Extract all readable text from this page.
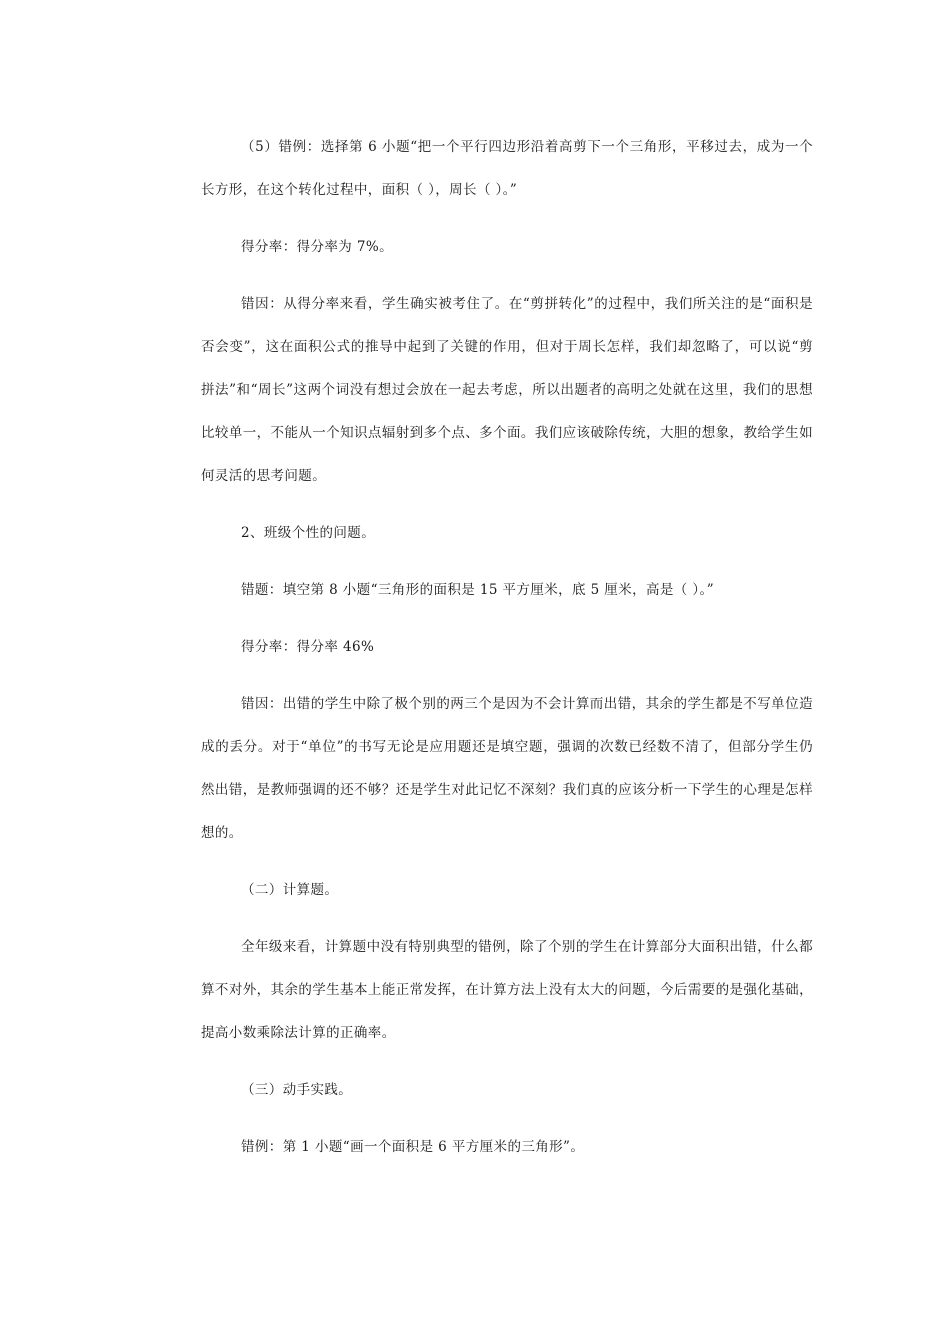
（5）错例：选择第 6 小题“把一个平行四边形沿着高剪下一个三角形，平移过去，成为一个长方形，在这个转化过程中，面积（ ），周长（ ）。”

得分率：得分率为 7%。

错因：从得分率来看，学生确实被考住了。在“剪拼转化”的过程中，我们所关注的是“面积是否会变”，这在面积公式的推导中起到了关键的作用，但对于周长怎样，我们却忽略了，可以说“剪拼法”和“周长”这两个词没有想过会放在一起去考虑，所以出题者的高明之处就在这里，我们的思想比较单一，不能从一个知识点辐射到多个点、多个面。我们应该破除传统，大胆的想象，教给学生如何灵活的思考问题。

2、班级个性的问题。

错题：填空第 8 小题“三角形的面积是 15 平方厘米，底 5 厘米，高是（ ）。”

得分率：得分率 46%

错因：出错的学生中除了极个别的两三个是因为不会计算而出错，其余的学生都是不写单位造成的丢分。对于“单位”的书写无论是应用题还是填空题，强调的次数已经数不清了，但部分学生仍然出错，是教师强调的还不够？还是学生对此记忆不深刻？我们真的应该分析一下学生的心理是怎样想的。

（二）计算题。

全年级来看，计算题中没有特别典型的错例，除了个别的学生在计算部分大面积出错，什么都算不对外，其余的学生基本上能正常发挥，在计算方法上没有太大的问题，今后需要的是强化基础，提高小数乘除法计算的正确率。

（三）动手实践。

错例：第 1 小题“画一个面积是 6 平方厘米的三角形”。
